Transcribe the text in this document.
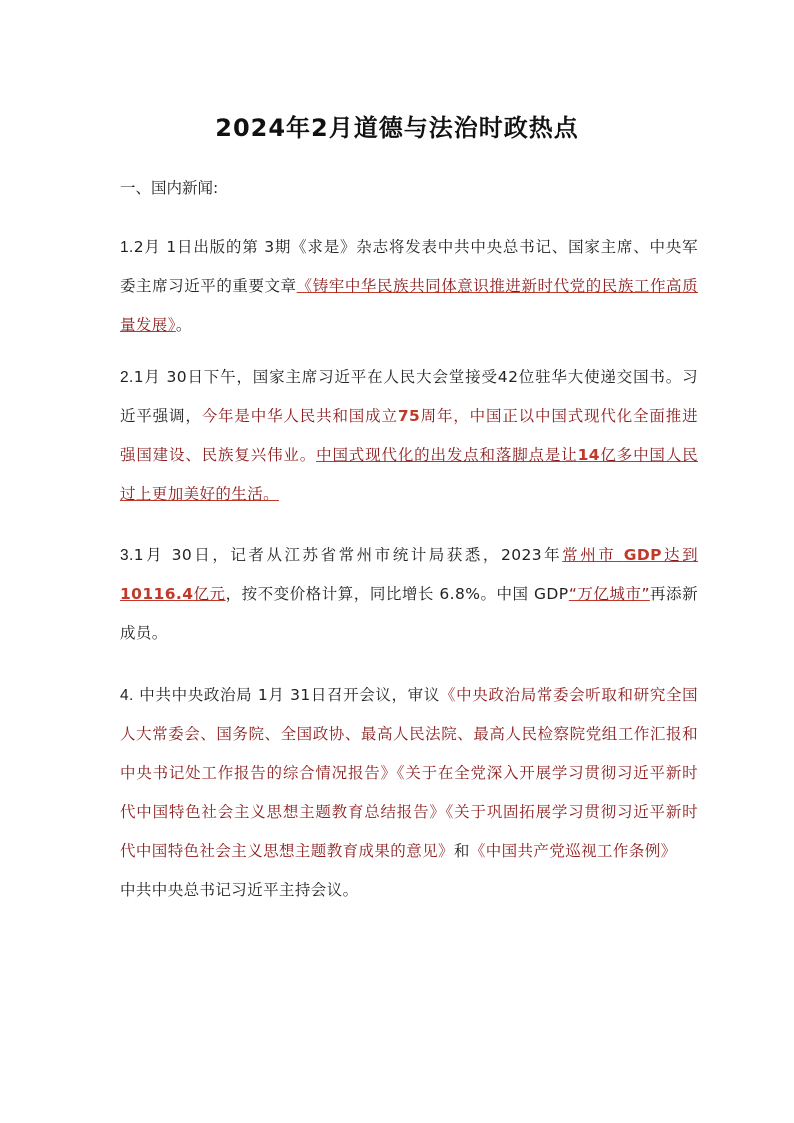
2024年2月道德与法治时政热点
一、国内新闻:
1.2月 1日出版的第 3期《求是》杂志将发表中共中央总书记、国家主席、中央军委主席习近平的重要文章《铸牢中华民族共同体意识推进新时代党的民族工作高质量发展》。
2.1月 30日下午，国家主席习近平在人民大会堂接受42位驻华大使递交国书。习近平强调，今年是中华人民共和国成立75周年，中国正以中国式现代化全面推进强国建设、民族复兴伟业。中国式现代化的出发点和落脚点是让14亿多中国人民过上更加美好的生活。
3.1月 30日，记者从江苏省常州市统计局获悉，2023年常州市 GDP达到 10116.4亿元，按不变价格计算，同比增长 6.8%。中国 GDP“万亿城市”再添新成员。
4. 中共中央政治局 1月 31日召开会议，审议《中央政治局常委会听取和研究全国人大常委会、国务院、全国政协、最高人民法院、最高人民检察院党组工作汇报和中央书记处工作报告的综合情况报告》《关于在全党深入开展学习贯彻习近平新时代中国特色社会主义思想主题教育总结报告》《关于巩固拓展学习贯彻习近平新时代中国特色社会主义思想主题教育成果的意见》和《中国共产党巡视工作条例》
中共中央总书记习近平主持会议。
